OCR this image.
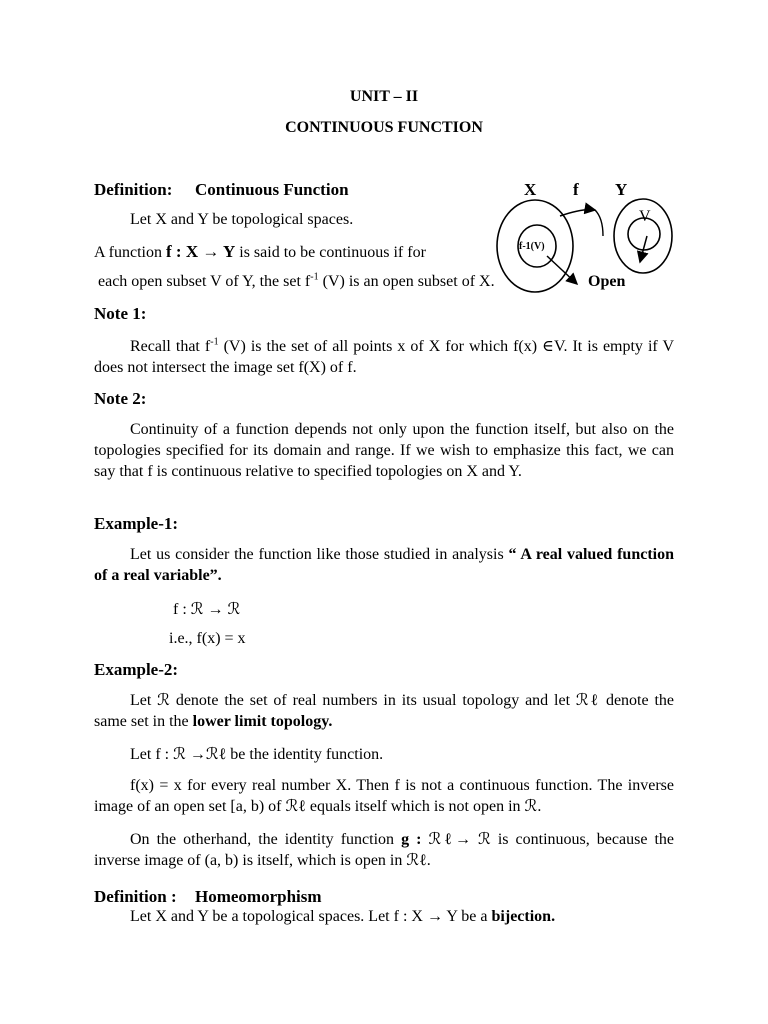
UNIT – II
CONTINUOUS FUNCTION
Definition: Continuous Function
Let X and Y be topological spaces.
A function f : X → Y is said to be continuous if for
each open subset V of Y, the set $f^{-1}$ (V) is an open subset of X.
X f Y
f-1(V)
V
Open
Note 1:

Recall that $f^{-1}$ (V) is the set of all points x of X for which f(x) ∈V. It is empty if V does not intersect the image set f(X) of f.

Note 2:

Continuity of a function depends not only upon the function itself, but also on the topologies specified for its domain and range. If we wish to emphasize this fact, we can say that f is continuous relative to specified topologies on X and Y.

Example-1:

Let us consider the function like those studied in analysis “ A real valued function of a real variable”.

f : ℛ → ℛ
i.e., f(x) = x
Example-2:

Let ℛ denote the set of real numbers in its usual topology and let ℛℓ denote the same set in the lower limit topology.

Let f : ℛ →ℛℓ be the identity function.

f(x) = x for every real number X. Then f is not a continuous function. The inverse image of an open set [a, b) of ℛℓ equals itself which is not open in ℛ.

On the otherhand, the identity function g : ℛℓ→ ℛ is continuous, because the inverse image of (a, b) is itself, which is open in ℛℓ.

Definition : Homeomorphism
Let X and Y be a topological spaces. Let f : X → Y be a bijection.
